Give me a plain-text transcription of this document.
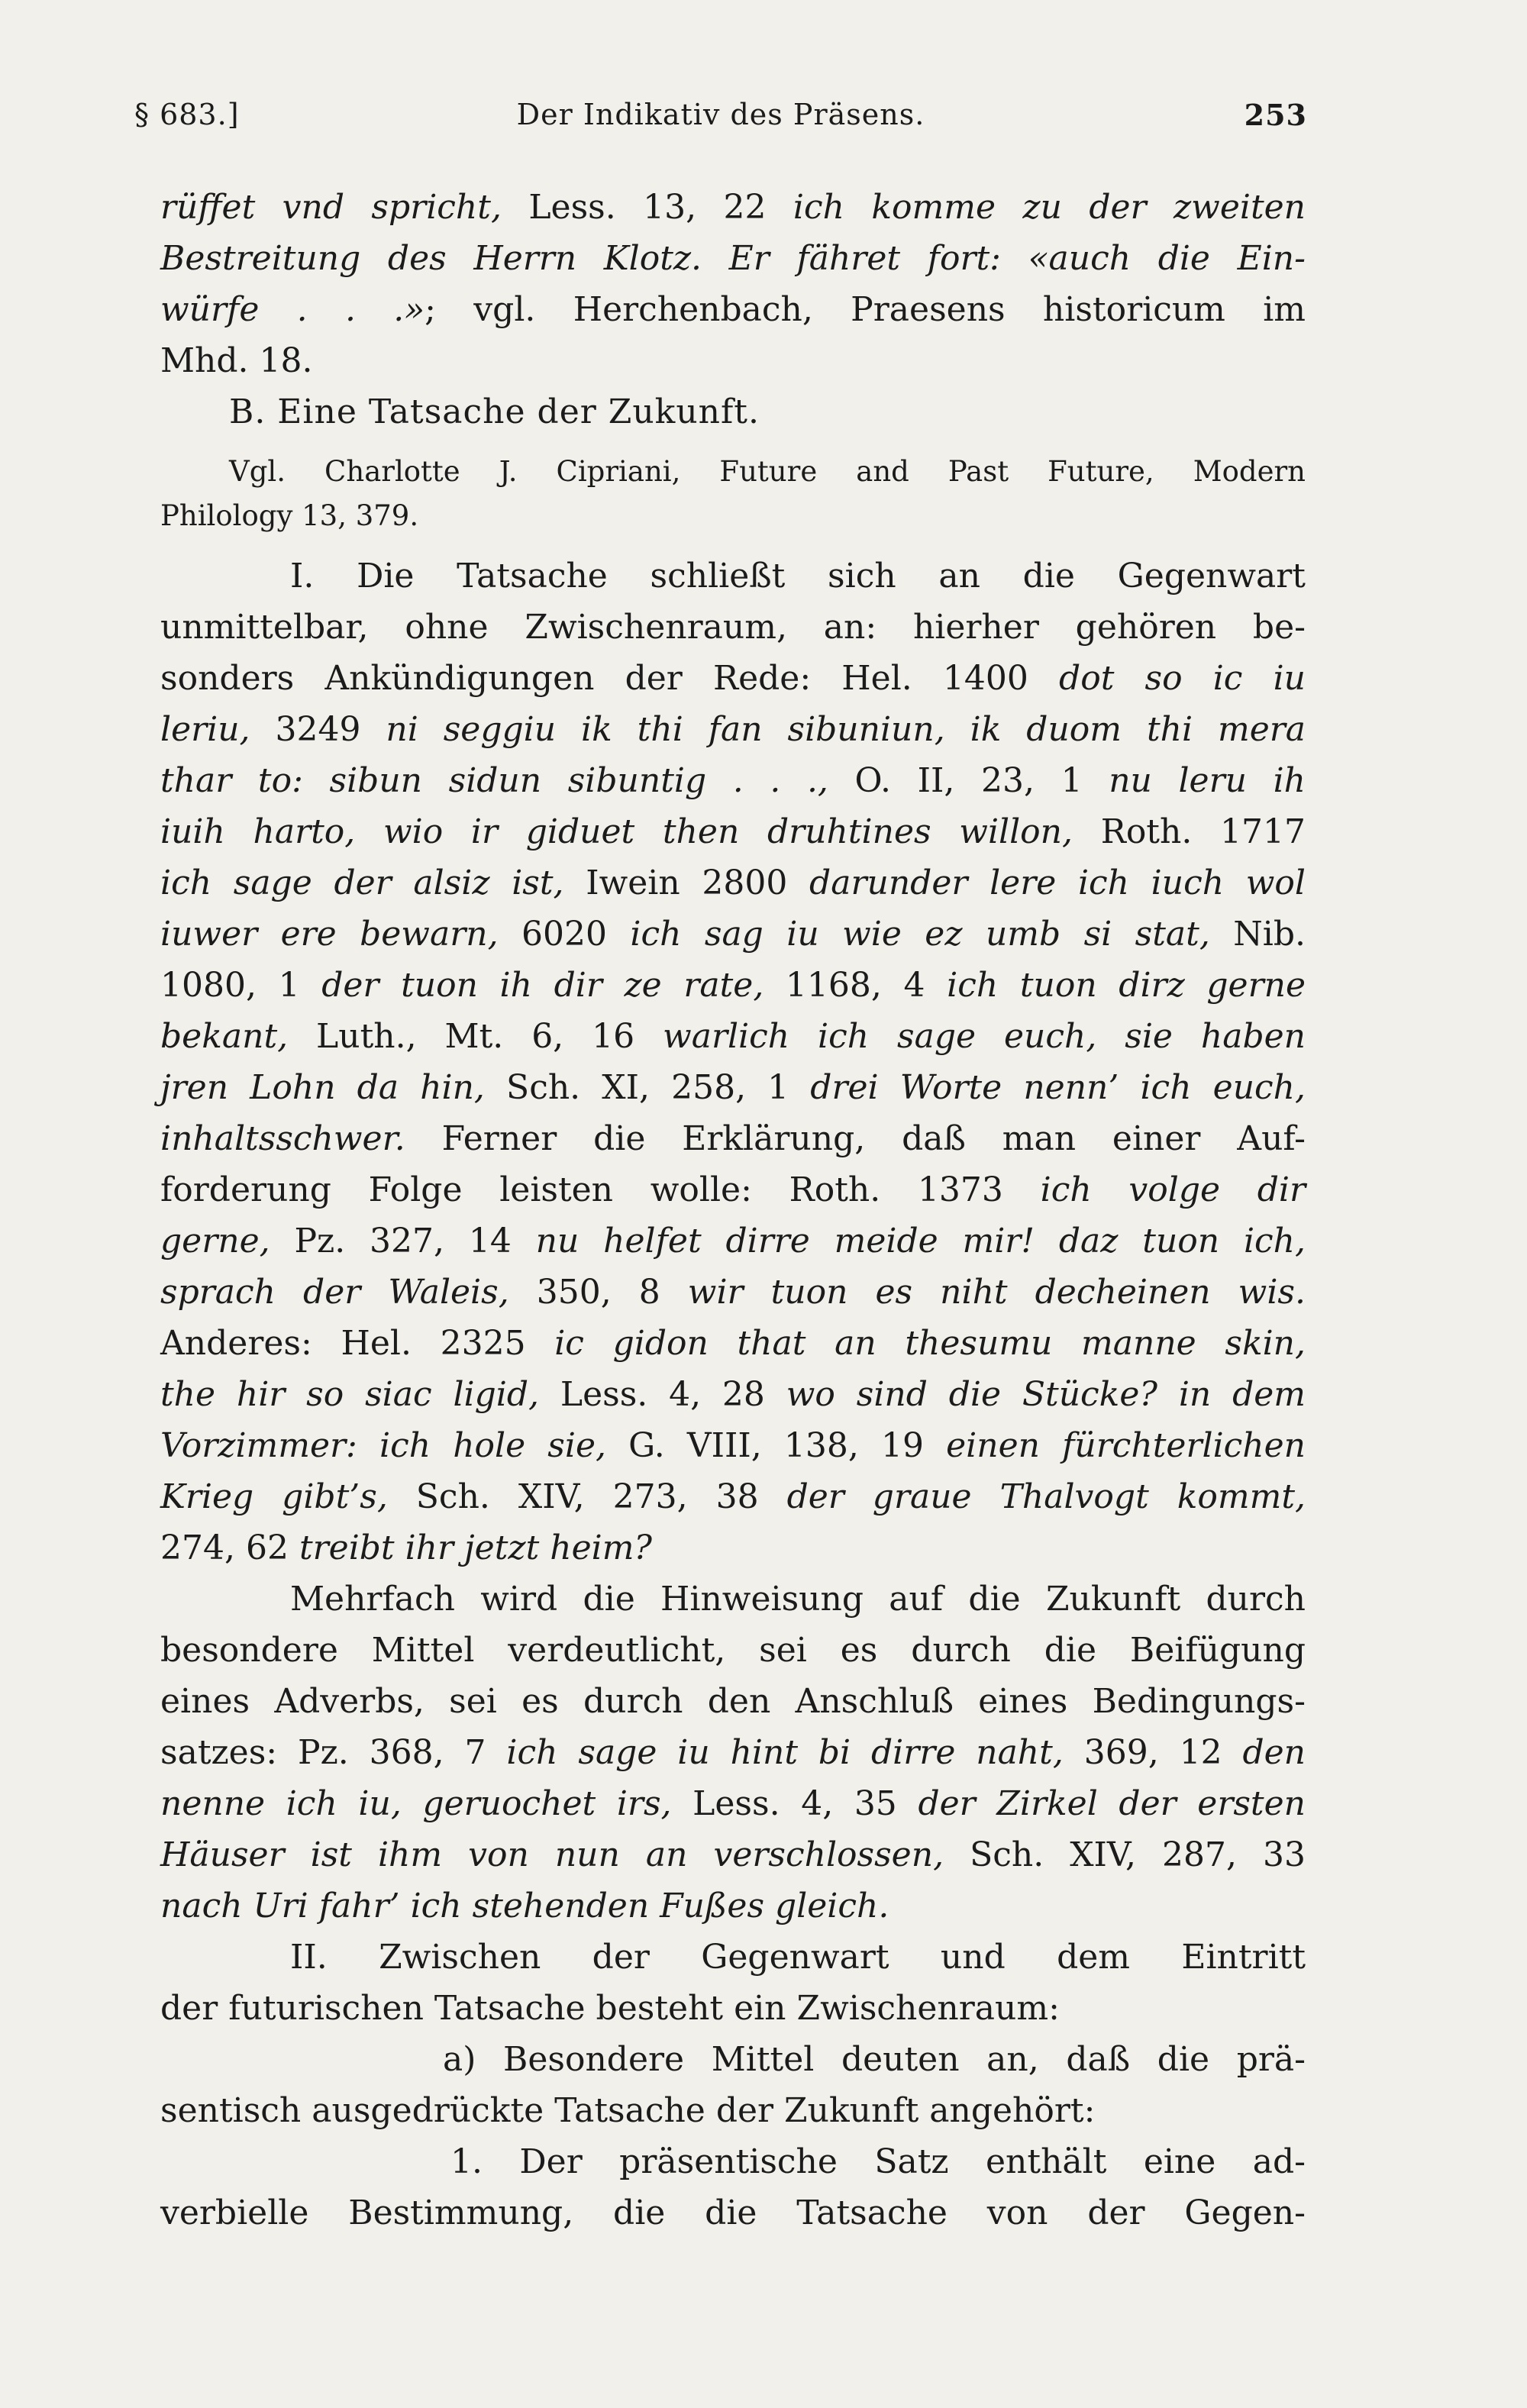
§ 683.]	Der Indikativ des Präsens.	253
rüffet vnd spricht, Less. 13, 22 ich komme zu der zweiten
Bestreitung des Herrn Klotz. Er fähret fort: «auch die Ein-
würfe . . .»; vgl. Herchenbach, Praesens historicum im
Mhd. 18.
B. Eine Tatsache der Zukunft.
Vgl. Charlotte J. Cipriani, Future and Past Future, Modern
Philology 13, 379.
I. Die Tatsache schließt sich an die Gegenwart
unmittelbar, ohne Zwischenraum, an: hierher gehören be-
sonders Ankündigungen der Rede: Hel. 1400 dot so ic iu
leriu, 3249 ni seggiu ik thi fan sibuniun, ik duom thi mera
thar to: sibun sidun sibuntig . . ., O. II, 23, 1 nu leru ih
iuih harto, wio ir giduet then druhtines willon, Roth. 1717
ich sage der alsiz ist, Iwein 2800 darunder lere ich iuch wol
iuwer ere bewarn, 6020 ich sag iu wie ez umb si stat, Nib.
1080, 1 der tuon ih dir ze rate, 1168, 4 ich tuon dirz gerne
bekant, Luth., Mt. 6, 16 warlich ich sage euch, sie haben
jren Lohn da hin, Sch. XI, 258, 1 drei Worte nenn’ ich euch,
inhaltsschwer. Ferner die Erklärung, daß man einer Auf-
forderung Folge leisten wolle: Roth. 1373 ich volge dir
gerne, Pz. 327, 14 nu helfet dirre meide mir! daz tuon ich,
sprach der Waleis, 350, 8 wir tuon es niht decheinen wis.
Anderes: Hel. 2325 ic gidon that an thesumu manne skin,
the hir so siac ligid, Less. 4, 28 wo sind die Stücke? in dem
Vorzimmer: ich hole sie, G. VIII, 138, 19 einen fürchterlichen
Krieg gibt’s, Sch. XIV, 273, 38 der graue Thalvogt kommt,
274, 62 treibt ihr jetzt heim?
Mehrfach wird die Hinweisung auf die Zukunft durch
besondere Mittel verdeutlicht, sei es durch die Beifügung
eines Adverbs, sei es durch den Anschluß eines Bedingungs-
satzes: Pz. 368, 7 ich sage iu hint bi dirre naht, 369, 12 den
nenne ich iu, geruochet irs, Less. 4, 35 der Zirkel der ersten
Häuser ist ihm von nun an verschlossen, Sch. XIV, 287, 33
nach Uri fahr’ ich stehenden Fußes gleich.
II. Zwischen der Gegenwart und dem Eintritt
der futurischen Tatsache besteht ein Zwischenraum:
a) Besondere Mittel deuten an, daß die prä-
sentisch ausgedrückte Tatsache der Zukunft angehört:
1. Der präsentische Satz enthält eine ad-
verbielle Bestimmung, die die Tatsache von der Gegen-
